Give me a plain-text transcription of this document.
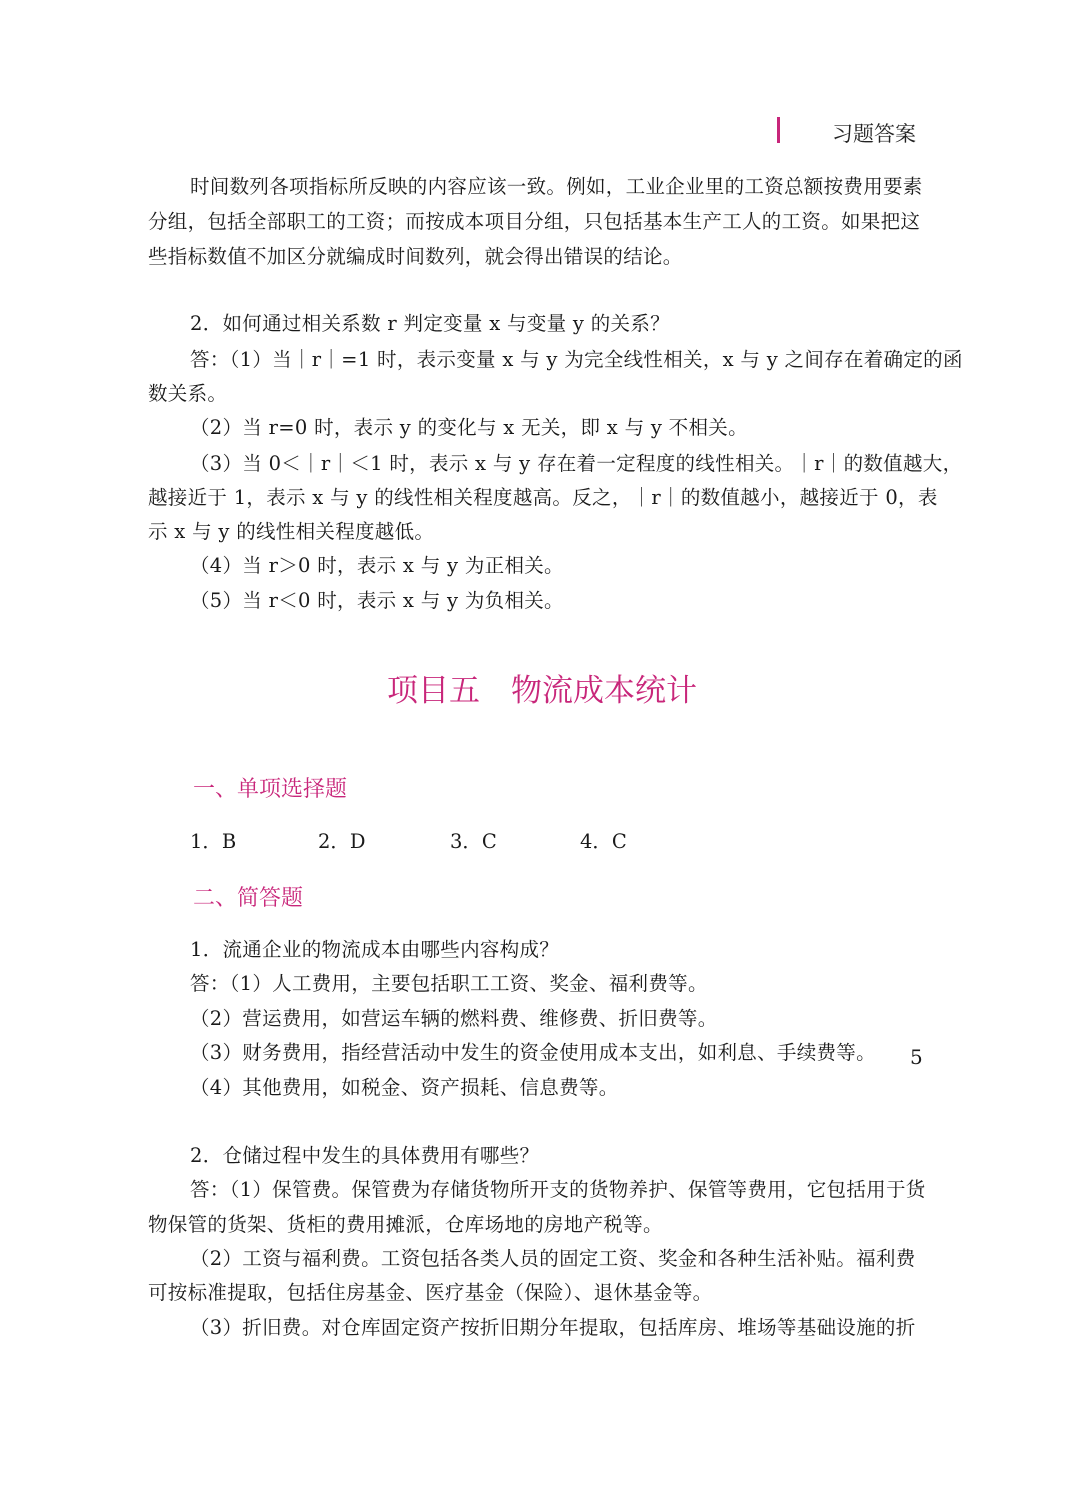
习题答案
时间数列各项指标所反映的内容应该一致。例如，工业企业里的工资总额按费用要素
分组，包括全部职工的工资；而按成本项目分组，只包括基本生产工人的工资。如果把这
些指标数值不加区分就编成时间数列，就会得出错误的结论。
2．如何通过相关系数 r 判定变量 x 与变量 y 的关系？
答：（1）当｜r｜=1 时，表示变量 x 与 y 为完全线性相关，x 与 y 之间存在着确定的函
数关系。
（2）当 r=0 时，表示 y 的变化与 x 无关，即 x 与 y 不相关。
（3）当 0＜｜r｜＜1 时，表示 x 与 y 存在着一定程度的线性相关。｜r｜的数值越大，
越接近于 1，表示 x 与 y 的线性相关程度越高。反之，｜r｜的数值越小，越接近于 0，表
示 x 与 y 的线性相关程度越低。
（4）当 r＞0 时，表示 x 与 y 为正相关。
（5）当 r＜0 时，表示 x 与 y 为负相关。
项目五　物流成本统计
一、单项选择题
1．B	2．D	3．C	4．C
二、简答题
1．流通企业的物流成本由哪些内容构成？
答：（1）人工费用，主要包括职工工资、奖金、福利费等。
（2）营运费用，如营运车辆的燃料费、维修费、折旧费等。
（3）财务费用，指经营活动中发生的资金使用成本支出，如利息、手续费等。
（4）其他费用，如税金、资产损耗、信息费等。
2．仓储过程中发生的具体费用有哪些？
答：（1）保管费。保管费为存储货物所开支的货物养护、保管等费用，它包括用于货
物保管的货架、货柜的费用摊派，仓库场地的房地产税等。
（2）工资与福利费。工资包括各类人员的固定工资、奖金和各种生活补贴。福利费
可按标准提取，包括住房基金、医疗基金（保险）、退休基金等。
（3）折旧费。对仓库固定资产按折旧期分年提取，包括库房、堆场等基础设施的折
5
